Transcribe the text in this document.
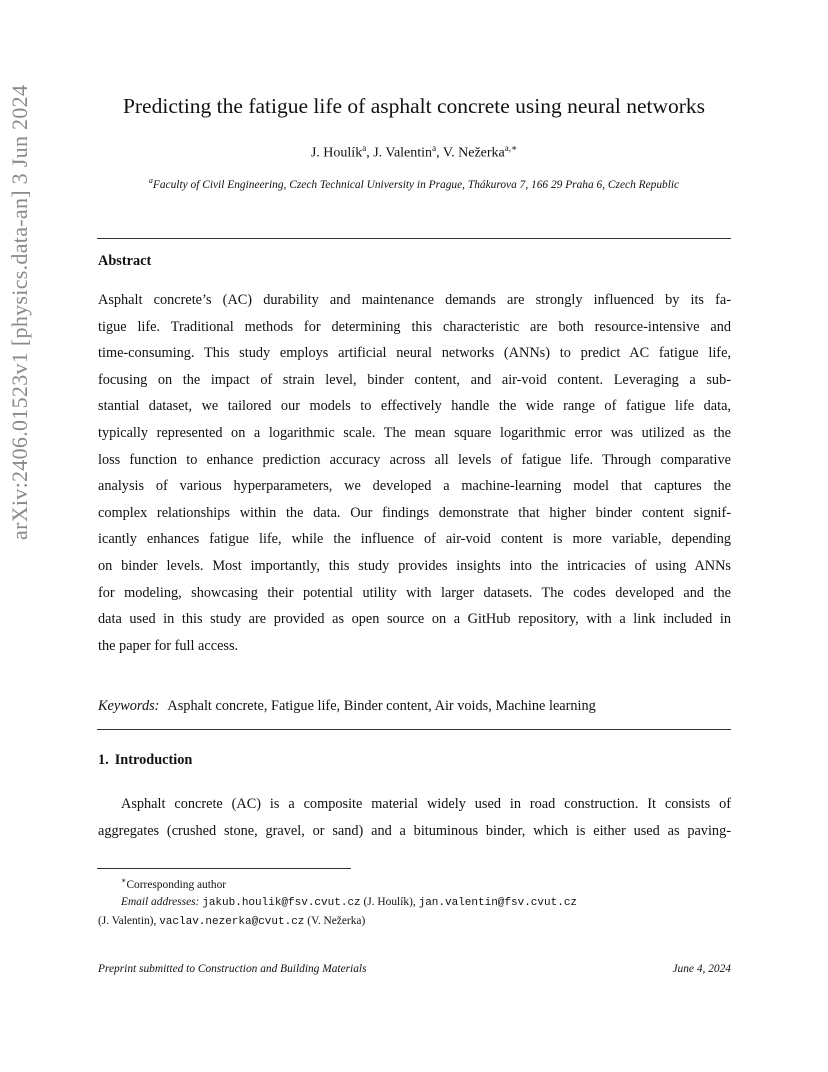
arXiv:2406.01523v1 [physics.data-an] 3 Jun 2024	Predicting the fatigue life of asphalt concrete using neural networks
J. Houlík$^a$, J. Valentin$^a$, V. Nežerka$^{a,∗}$
$^a$Faculty of Civil Engineering, Czech Technical University in Prague, Thákurova 7, 166 29 Praha 6, Czech Republic
Abstract
Asphalt concrete’s (AC) durability and maintenance demands are strongly influenced by its fa-
tigue life. Traditional methods for determining this characteristic are both resource-intensive and
time-consuming. This study employs artificial neural networks (ANNs) to predict AC fatigue life,
focusing on the impact of strain level, binder content, and air-void content. Leveraging a sub-
stantial dataset, we tailored our models to effectively handle the wide range of fatigue life data,
typically represented on a logarithmic scale. The mean square logarithmic error was utilized as the
loss function to enhance prediction accuracy across all levels of fatigue life. Through comparative
analysis of various hyperparameters, we developed a machine-learning model that captures the
complex relationships within the data. Our findings demonstrate that higher binder content signif-
icantly enhances fatigue life, while the influence of air-void content is more variable, depending
on binder levels. Most importantly, this study provides insights into the intricacies of using ANNs
for modeling, showcasing their potential utility with larger datasets. The codes developed and the
data used in this study are provided as open source on a GitHub repository, with a link included in
the paper for full access.
Keywords: Asphalt concrete, Fatigue life, Binder content, Air voids, Machine learning
1. Introduction
Asphalt concrete (AC) is a composite material widely used in road construction. It consists of
aggregates (crushed stone, gravel, or sand) and a bituminous binder, which is either used as paving-
∗Corresponding author
Email addresses: jakub.houlik@fsv.cvut.cz (J. Houlík), jan.valentin@fsv.cvut.cz
(J. Valentin), vaclav.nezerka@cvut.cz (V. Nežerka)
Preprint submitted to Construction and Building Materials	June 4, 2024
